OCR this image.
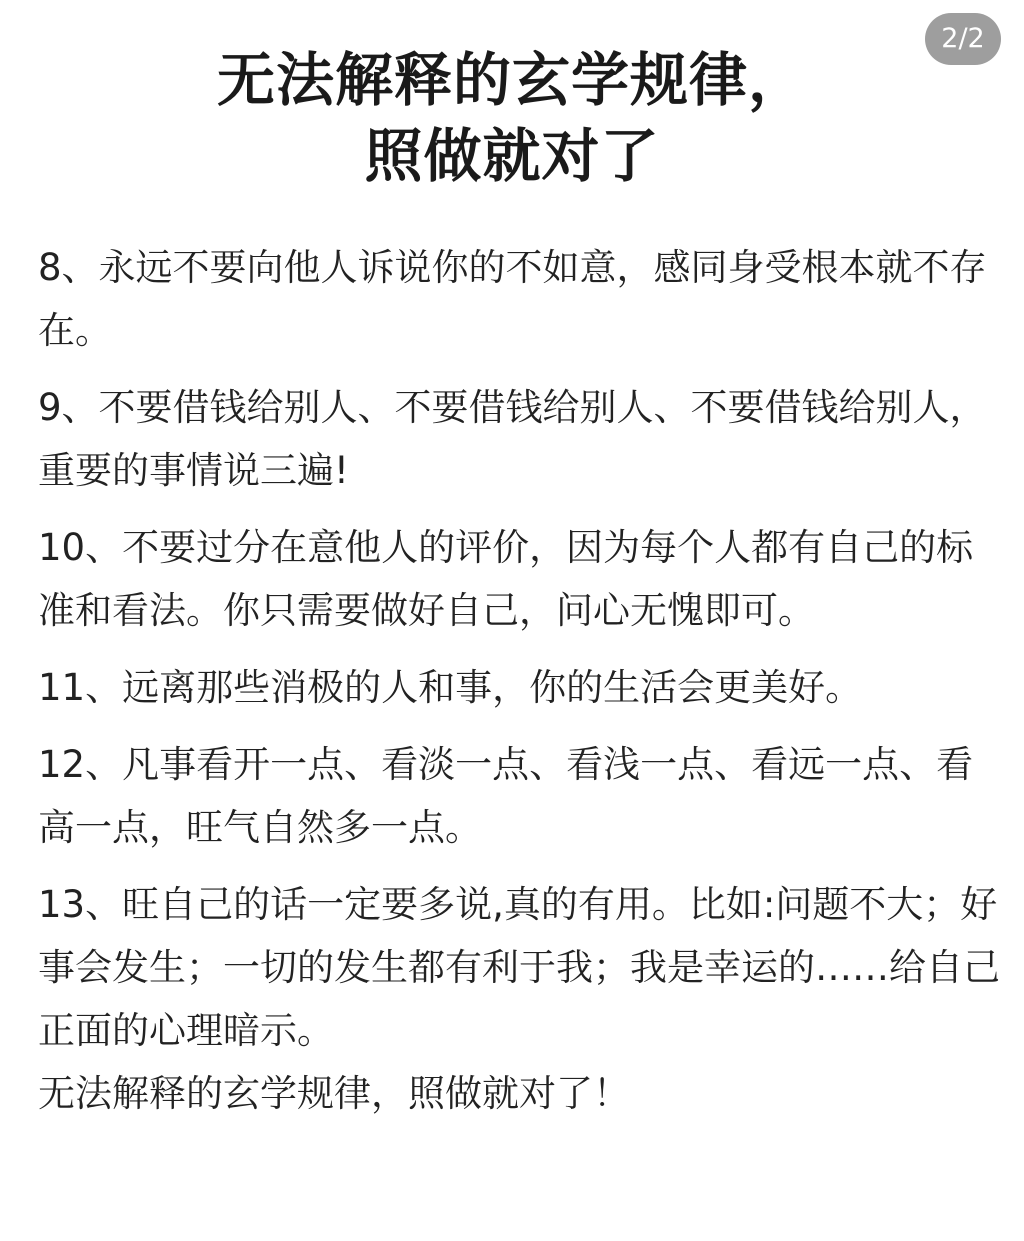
2/2
无法解释的玄学规律，
照做就对了

8、永远不要向他人诉说你的不如意，感同身受根本就不存在。

9、不要借钱给别人、不要借钱给别人、不要借钱给别人，重要的事情说三遍!

10、不要过分在意他人的评价，因为每个人都有自己的标准和看法。你只需要做好自己，问心无愧即可。

11、远离那些消极的人和事，你的生活会更美好。

12、凡事看开一点、看淡一点、看浅一点、看远一点、看高一点，旺气自然多一点。

13、旺自己的话一定要多说,真的有用。比如:问题不大；好事会发生；一切的发生都有利于我；我是幸运的……给自己正面的心理暗示。

无法解释的玄学规律，照做就对了！
